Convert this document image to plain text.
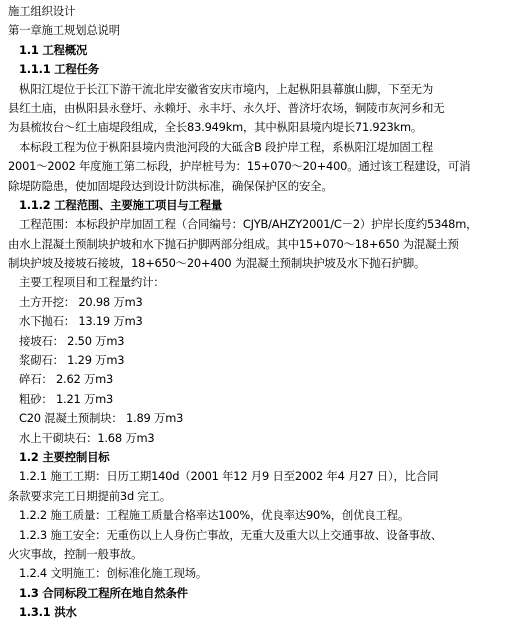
施工组织设计
第一章施工规划总说明
1.1 工程概况
1.1.1 工程任务
枞阳江堤位于长江下游干流北岸安徽省安庆市境内，上起枞阳县幕旗山脚，下至无为
县红土庙，由枞阳县永登圩、永赖圩、永丰圩、永久圩、普济圩农场，铜陵市灰河乡和无
为县梳妆台～红土庙堤段组成，全长83.949km，其中枞阳县境内堤长71.923km。
本标段工程为位于枞阳县境内贵池河段的大砥含B 段护岸工程，系枞阳江堤加固工程
2001～2002 年度施工第二标段，护岸桩号为：15+070～20+400。通过该工程建设，可消
除堤防隐患，使加固堤段达到设计防洪标准，确保保护区的安全。
1.1.2 工程范围、主要施工项目与工程量
工程范围：本标段护岸加固工程（合同编号：CJYB/AHZY2001/C－2）护岸长度约5348m，
由水上混凝土预制块护坡和水下抛石护脚两部分组成。其中15+070～18+650 为混凝土预
制块护坡及接坡石接坡，18+650～20+400 为混凝土预制块护坡及水下抛石护脚。
主要工程项目和工程量约计：
土方开挖： 20.98 万m3
水下抛石： 13.19 万m3
接坡石： 2.50 万m3
浆砌石： 1.29 万m3
碎石： 2.62 万m3
粗砂： 1.21 万m3
C20 混凝土预制块： 1.89 万m3
水上干砌块石：1.68 万m3
1.2 主要控制目标
1.2.1 施工工期：日历工期140d（2001 年12 月9 日至2002 年4 月27 日），比合同
条款要求完工日期提前3d 完工。
1.2.2 施工质量：工程施工质量合格率达100%，优良率达90%，创优良工程。
1.2.3 施工安全：无重伤以上人身伤亡事故，无重大及重大以上交通事故、设备事故、
火灾事故，控制一般事故。
1.2.4 文明施工：创标准化施工现场。
1.3 合同标段工程所在地自然条件
1.3.1 洪水
